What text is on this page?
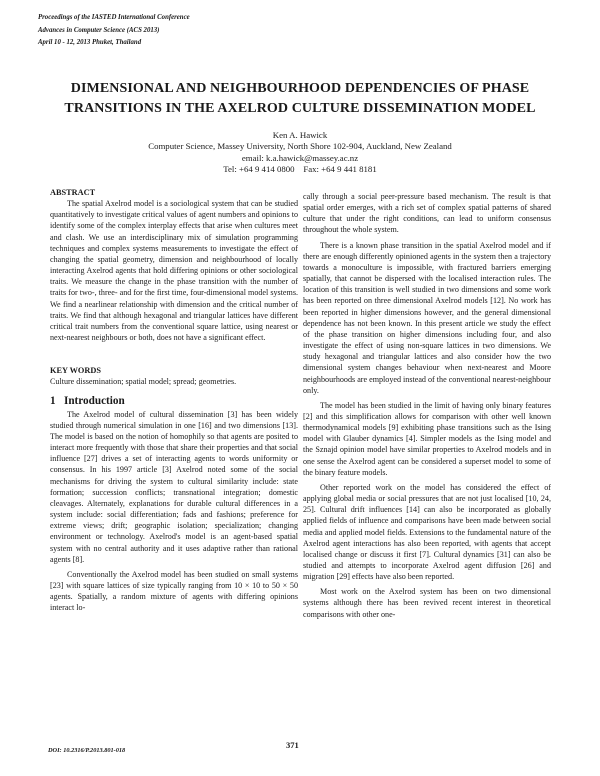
Proceedings of the IASTED International Conference
Advances in Computer Science (ACS 2013)
April 10 - 12, 2013 Phuket, Thailand
DIMENSIONAL AND NEIGHBOURHOOD DEPENDENCIES OF PHASE
TRANSITIONS IN THE AXELROD CULTURE DISSEMINATION MODEL
Ken A. Hawick
Computer Science, Massey University, North Shore 102-904, Auckland, New Zealand
email: k.a.hawick@massey.ac.nz
Tel: +64 9 414 0800    Fax: +64 9 441 8181
ABSTRACT

The spatial Axelrod model is a sociological system that can be studied quantitatively to investigate critical values of agent numbers and opinions to identify some of the complex interplay effects that arise when cultures meet and clash. We use an interdisciplinary mix of simulation programming techniques and complex systems measurements to investigate the effect of changing the spatial geometry, dimension and neighbourhood of locally interacting Axelrod agents that hold differing opinions or other sociological traits. We measure the change in the phase transition with the number of traits for two-, three- and for the first time, four-dimensional model systems. We find a nearlinear relationship with dimension and the critical number of traits. We find that although hexagonal and triangular lattices have different critical trait numbers from the conventional square lattice, using nearest or next-nearest neighbours or both, does not have a significant effect.

KEY WORDS

Culture dissemination; spatial model; spread; geometries.

1   Introduction

The Axelrod model of cultural dissemination [3] has been widely studied through numerical simulation in one [16] and two dimensions [13]. The model is based on the notion of homophily so that agents are posited to interact more frequently with those that share their properties and that social influence [27] drives a set of interacting agents to words uniformity or consensus. In his 1997 article [3] Axelrod noted some of the social mechanisms for driving the system to cultural similarity include: state formation; succession conflicts; transnational integration; domestic cleavages. Alternately, explanations for durable cultural differences in a system include: social differentiation; fads and fashions; preference for extreme views; drift; geographic isolation; specialization; changing environment or technology. Axelrod's model is an agent-based spatial system with no central authority and it uses adaptive rather than rational agents [8].

Conventionally the Axelrod model has been studied on small systems [23] with square lattices of size typically ranging from 10 × 10 to 50 × 50 agents. Spatially, a random mixture of agents with differing opinions interact lo-

cally through a social peer-pressure based mechanism. The result is that spatial order emerges, with a rich set of complex spatial patterns of shared culture that under the right conditions, can lead to uniform consensus throughout the whole system.

There is a known phase transition in the spatial Axelrod model and if there are enough differently opinioned agents in the system then a trajectory towards a monoculture is impossible, with fractured barriers emerging spatially, that cannot be dispersed with the localised interaction rules. The location of this transition is well studied in two dimensions and some work has been reported on three dimensional Axelrod models [12]. No work has been reported in higher dimensions however, and the general dimensional dependence has not been known. In this present article we study the effect of the phase transition on higher dimensions including four, and also investigate the effect of using non-square lattices in two dimensions. We study hexagonal and triangular lattices and also consider how the two dimensional system changes behaviour when next-nearest and Moore neighbourhoods are employed instead of the conventional nearest-neighbour only.

The model has been studied in the limit of having only binary features [2] and this simplification allows for comparison with other well known thermodynamical models [9] exhibiting phase transitions such as the Ising model with Glauber dynamics [4]. Simpler models as the Ising model and the Sznajd opinion model have similar properties to Axelrod models and in one sense the Axelrod agent can be considered a superset model to some of the binary feature models.

Other reported work on the model has considered the effect of applying global media or social pressures that are not just localised [10, 24, 25]. Cultural drift influences [14] can also be incorporated as globally applied fields of influence and comparisons have been made between social media and applied model fields. Extensions to the fundamental nature of the Axelrod agent interactions has also been reported, with agents that accept localised change or discuss it first [7]. Cultural dynamics [31] can also be studied and attempts to incorporate Axelrod agent diffusion [26] and migration [29] effects have also been reported.

Most work on the Axelrod system has been on two dimensional systems although there has been revived recent interest in theoretical comparisons with other one-

DOI: 10.2316/P.2013.801-018
371
